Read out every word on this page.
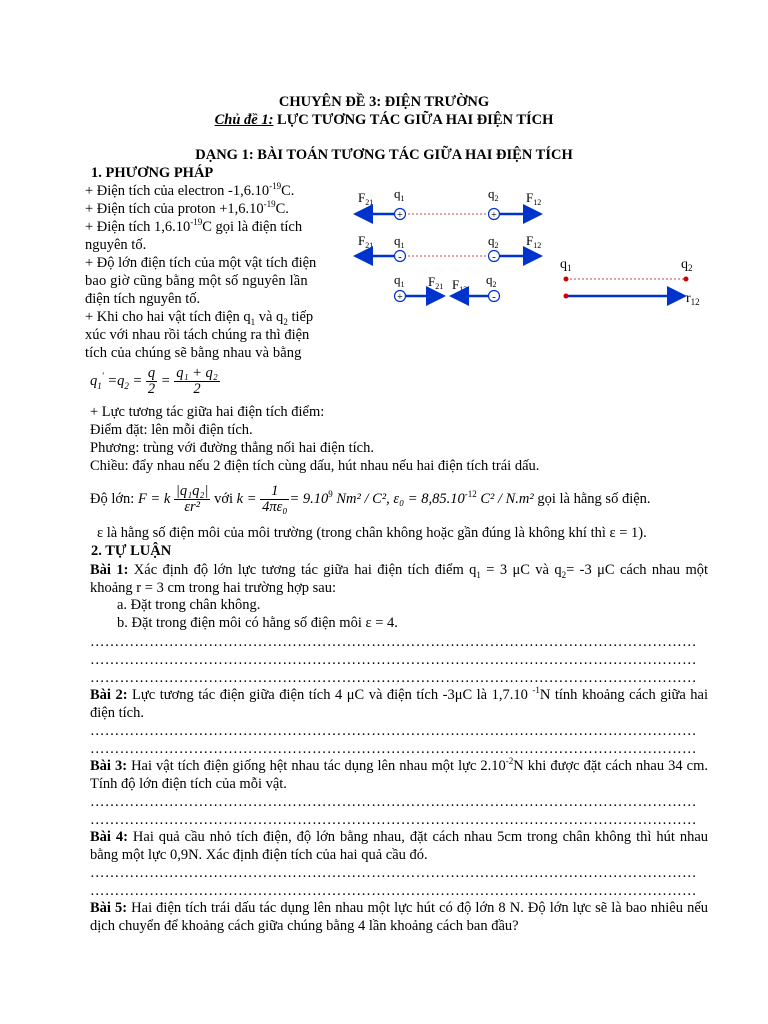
CHUYÊN ĐỀ 3: ĐIỆN TRƯỜNG
Chủ đề 1: LỰC TƯƠNG TÁC GIỮA HAI ĐIỆN TÍCH
DẠNG 1: BÀI TOÁN TƯƠNG TÁC GIỮA HAI ĐIỆN TÍCH
1. PHƯƠNG PHÁP
+ Điện tích của electron $-1,6.10^{-19}C$.
+ Điện tích của proton $+1,6.10^{-19}C$.
+ Điện tích $1,6.10^{-19}C$ gọi là điện tích
nguyên tố.
+ Độ lớn điện tích của một vật tích điện
bao giờ cũng bằng một số nguyên lần
điện tích nguyên tố.
+ Khi cho hai vật tích điện $q_1$ và $q_2$ tiếp
xúc với nhau rồi tách chúng ra thì điện
tích của chúng sẽ bằng nhau và bằng
$q_1' =q_2 = \frac{q}{2} = \frac{\text{q₁ + q₂}}{2}$
+ Lực tương tác giữa hai điện tích điểm:
Điểm đặt: lên mỗi điện tích.
Phương: trùng với đường thẳng nối hai điện tích.
Chiều: đẩy nhau nếu 2 điện tích cùng dấu, hút nhau nếu hai điện tích trái dấu.
Độ lớn: F = k $\frac{\text{|q₁q₂|}}{\text{εr²}}$ với $k = \frac{1}{\text{4πε₀}} = 9.10^9$ Nm² / C², $\varepsilon_0 = 8,85.10^{-12}$ C² / N.m² gọi là hằng số điện.
ε là hằng số điện môi của môi trường (trong chân không hoặc gần đúng là không khí thì ε = 1).
$F_{21}$
$q_1$	$q_2$ $F_{12}$
+	+
$F_{21}$ $q_1$	$q_2$ $F_{12}$
-	-
$q_1$ $F_{21}$ $F_{12}$
$q_2$
+	-
$q_1$	$q_2$
$r_{12}$
2. TỰ LUẬN
Bài 1: Xác định độ lớn lực tương tác giữa hai điện tích điểm $q_1 = 3$ μC và $q_2= -3$ μC cách nhau một khoảng r = 3 cm trong hai trường hợp sau:
a. Đặt trong chân không.
b. Đặt trong điện môi có hằng số điện môi ε = 4.
……………………………………………………………………………………………………………
……………………………………………………………………………………………………………
……………………………………………………………………………………………………………
Bài 2: Lực tương tác điện giữa điện tích 4 μC và điện tích -3μC là 1,7.10 $^{-1}$N tính khoảng cách giữa hai điện tích.
……………………………………………………………………………………………………………
……………………………………………………………………………………………………………
Bài 3: Hai vật tích điện giống hệt nhau tác dụng lên nhau một lực $2.10^{-2}N$ khi được đặt cách nhau 34 cm. Tính độ lớn điện tích của mỗi vật.
……………………………………………………………………………………………………………
……………………………………………………………………………………………………………
Bài 4: Hai quả cầu nhỏ tích điện, độ lớn bằng nhau, đặt cách nhau 5cm trong chân không thì hút nhau bằng một lực 0,9N. Xác định điện tích của hai quả cầu đó.
……………………………………………………………………………………………………………
……………………………………………………………………………………………………………
Bài 5: Hai điện tích trái dấu tác dụng lên nhau một lực hút có độ lớn 8 N. Độ lớn lực sẽ là bao nhiêu nếu dịch chuyển để khoảng cách giữa chúng bằng 4 lần khoảng cách ban đầu?
